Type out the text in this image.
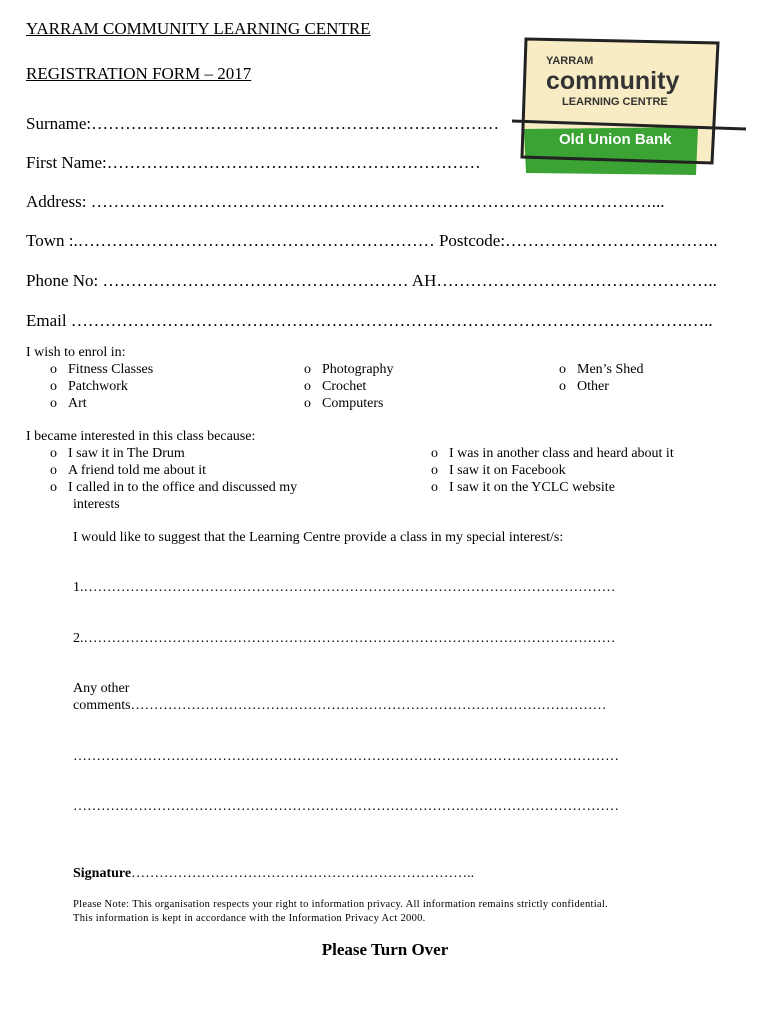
YARRAM COMMUNITY LEARNING CENTRE
REGISTRATION FORM – 2017
YARRAM
community
LEARNING CENTRE
Old Union Bank
Surname:………………………………………………………………
First Name:…………………………………………………………
Address: ………………………………………………………………………………………...
Town :.……………………………………………………… Postcode:………………………………..
Phone No: ……………………………………………… AH…………………………………………..
Email ……………………………………………………………………………………………….…..
I wish to enrol in:
o Fitness Classes
o Patchwork
o Art
o Photography
o Crochet
o Computers
o Men’s Shed
o Other
I became interested in this class because:
o I saw it in The Drum
o A friend told me about it
o I called in to the office and discussed my
interests
o I was in another class and heard about it
o I saw it on Facebook
o I saw it on the YCLC website
I would like to suggest that the Learning Centre provide a class in my special interest/s:
1.……………………………………………………………………………………………………
2.……………………………………………………………………………………………………
Any other
comments…………………………………………………………………………………………
………………………………………………………………………………………………………
………………………………………………………………………………………………………
Signature………………………………………………………………..
Please Note: This organisation respects your right to information privacy. All information remains strictly confidential.
This information is kept in accordance with the Information Privacy Act 2000.
Please Turn Over
